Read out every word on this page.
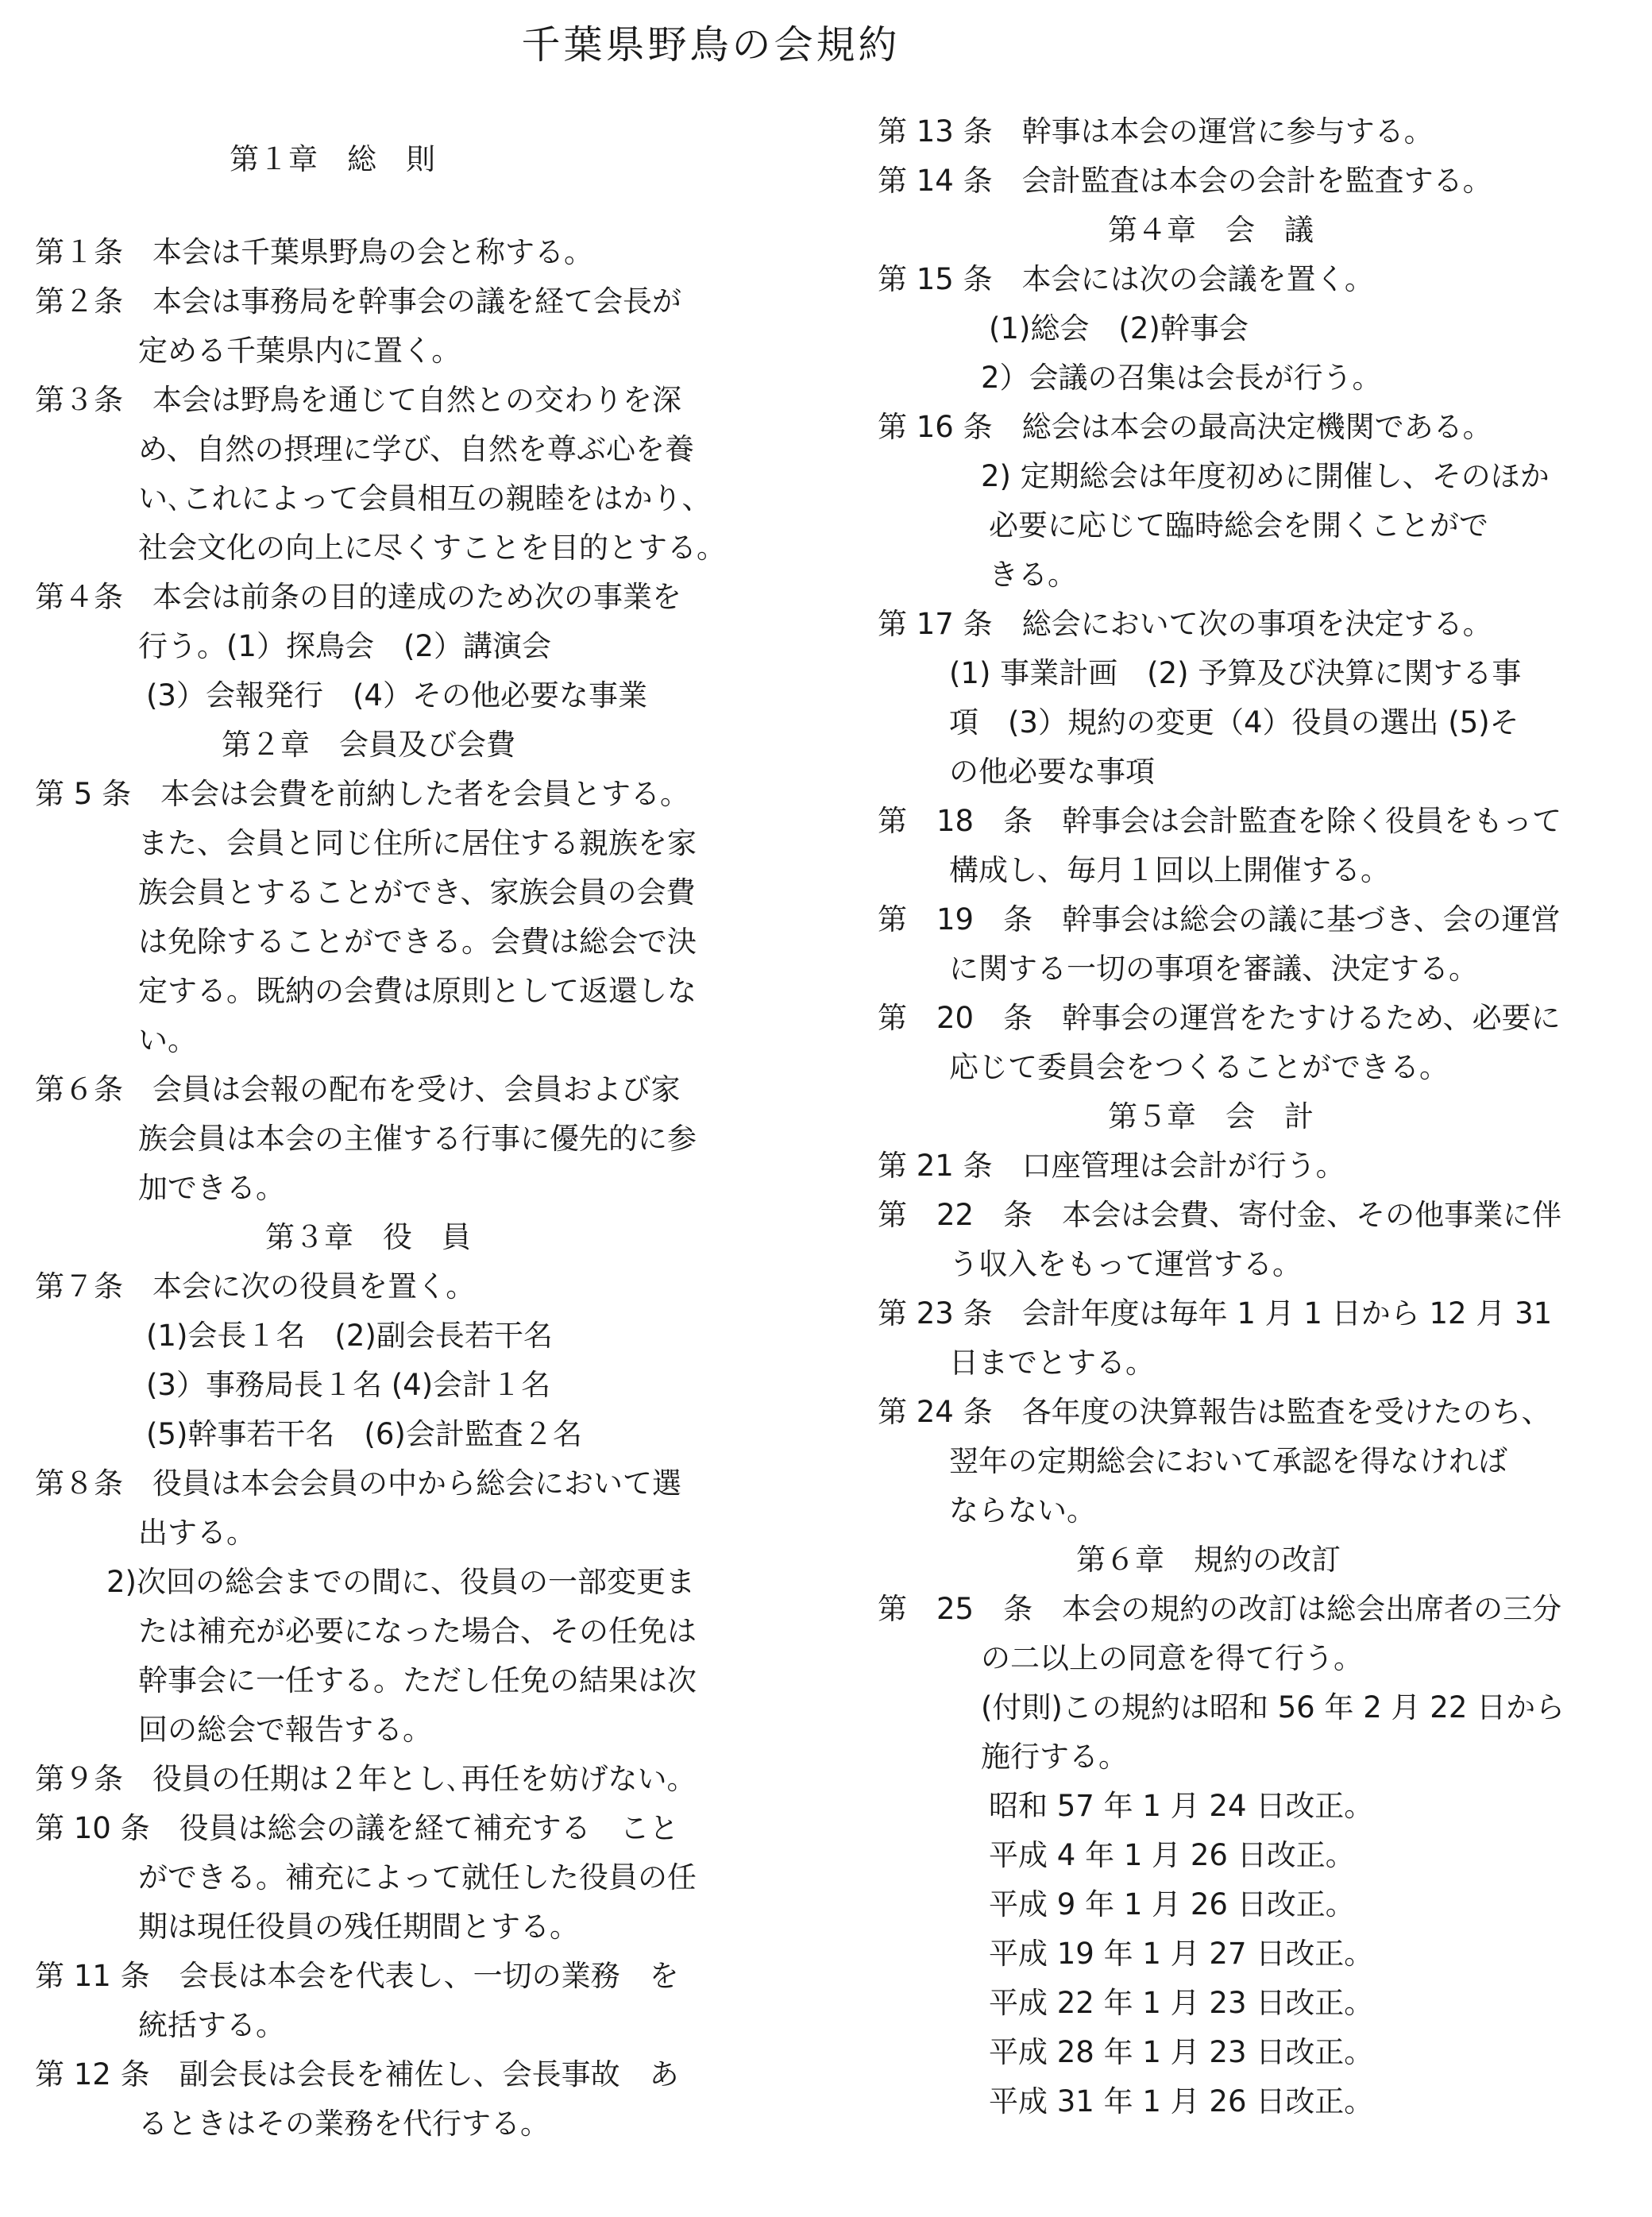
千葉県野鳥の会規約
第１章　総　則
第１条　本会は千葉県野鳥の会と称する。
第２条　本会は事務局を幹事会の議を経て会長が
定める千葉県内に置く。
第３条　本会は野鳥を通じて自然との交わりを深
め、自然の摂理に学び、自然を尊ぶ心を養
い､これによって会員相互の親睦をはかり、
社会文化の向上に尽くすことを目的とする。
第４条　本会は前条の目的達成のため次の事業を
行う。(1）探鳥会　(2）講演会
(3）会報発行　(4）その他必要な事業
第２章　会員及び会費
第 5 条　本会は会費を前納した者を会員とする。
また、会員と同じ住所に居住する親族を家
族会員とすることができ、家族会員の会費
は免除することができる。会費は総会で決
定する。既納の会費は原則として返還しな
い。
第６条　会員は会報の配布を受け、会員および家
族会員は本会の主催する行事に優先的に参
加できる。
第３章　役　員
第７条　本会に次の役員を置く。
(1)会長１名　(2)副会長若干名
(3）事務局長１名 (4)会計１名
(5)幹事若干名　(6)会計監査２名
第８条　役員は本会会員の中から総会において選
出する。
2)次回の総会までの間に、役員の一部変更ま
たは補充が必要になった場合、その任免は
幹事会に一任する。ただし任免の結果は次
回の総会で報告する。
第９条　役員の任期は２年とし､再任を妨げない。
第 10 条　役員は総会の議を経て補充する　こと
ができる。補充によって就任した役員の任
期は現任役員の残任期間とする。
第 11 条　会長は本会を代表し、一切の業務　を
統括する。
第 12 条　副会長は会長を補佐し、会長事故　あ
るときはその業務を代行する。
第 13 条　幹事は本会の運営に参与する。
第 14 条　会計監査は本会の会計を監査する。
第４章　会　議
第 15 条　本会には次の会議を置く。
(1)総会　(2)幹事会
2）会議の召集は会長が行う。
第 16 条　総会は本会の最高決定機関である。
2) 定期総会は年度初めに開催し、そのほか
必要に応じて臨時総会を開くことがで
きる。
第 17 条　総会において次の事項を決定する。
(1) 事業計画　(2) 予算及び決算に関する事
項　(3）規約の変更（4）役員の選出 (5)そ
の他必要な事項
第　18　条　幹事会は会計監査を除く役員をもって
構成し、毎月１回以上開催する。
第　19　条　幹事会は総会の議に基づき、会の運営
に関する一切の事項を審議、決定する。
第　20　条　幹事会の運営をたすけるため、必要に
応じて委員会をつくることができる。
第５章　会　計
第 21 条　口座管理は会計が行う。
第　22　条　本会は会費、寄付金、その他事業に伴
う収入をもって運営する。
第 23 条　会計年度は毎年 1 月 1 日から 12 月 31
日までとする。
第 24 条　各年度の決算報告は監査を受けたのち、
翌年の定期総会において承認を得なければ
ならない。
第６章　規約の改訂
第　25　条　本会の規約の改訂は総会出席者の三分
の二以上の同意を得て行う。
(付則)この規約は昭和 56 年 2 月 22 日から
施行する。
昭和 57 年 1 月 24 日改正。
平成 4 年 1 月 26 日改正。
平成 9 年 1 月 26 日改正。
平成 19 年 1 月 27 日改正。
平成 22 年 1 月 23 日改正。
平成 28 年 1 月 23 日改正。
平成 31 年 1 月 26 日改正。
